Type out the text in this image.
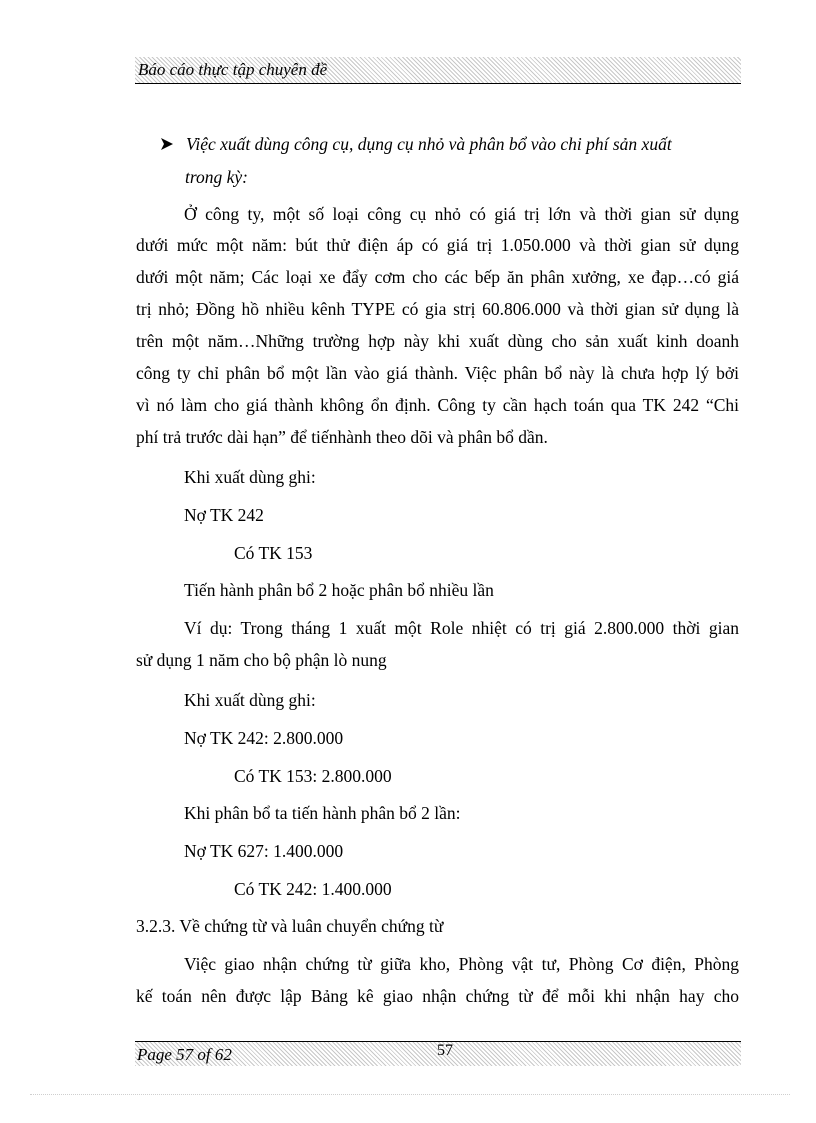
Báo cáo thực tập chuyên đề
Việc xuất dùng công cụ, dụng cụ nhỏ và phân bổ vào chi phí sản xuất
trong kỳ:
Ở công ty, một số loại công cụ nhỏ có giá trị lớn và thời gian sử dụng
dưới mức một năm: bút thử điện áp có giá trị 1.050.000 và thời gian sử dụng
dưới một năm; Các loại xe đẩy cơm cho các bếp ăn phân xưởng, xe đạp…có giá
trị nhỏ; Đồng hồ nhiều kênh TYPE có gia strị 60.806.000 và thời gian sử dụng là
trên một năm…Những trường hợp này khi xuất dùng cho sản xuất kinh doanh
công ty chỉ phân bổ một lần vào giá thành. Việc phân bổ này là chưa hợp lý bởi
vì nó làm cho giá thành không ổn định. Công ty cần hạch toán qua TK 242 “Chi
phí trả trước dài hạn” để tiếnhành theo dõi và phân bổ dần.
Khi xuất dùng ghi:
Nợ TK 242
Có TK 153
Tiến hành phân bổ 2 hoặc phân bổ nhiều lần
Ví dụ: Trong tháng 1 xuất một Role nhiệt có trị giá 2.800.000 thời gian
sử dụng 1 năm cho bộ phận lò nung
Khi xuất dùng ghi:
Nợ TK 242: 2.800.000
Có TK 153: 2.800.000
Khi phân bổ ta tiến hành phân bổ 2 lần:
Nợ TK 627: 1.400.000
Có TK 242: 1.400.000
3.2.3. Về chứng từ và luân chuyển chứng từ
Việc giao nhận chứng từ giữa kho, Phòng vật tư, Phòng Cơ điện, Phòng
kế toán nên được lập Bảng kê giao nhận chứng từ để mỗi khi nhận hay cho
Page 57 of 62	57
